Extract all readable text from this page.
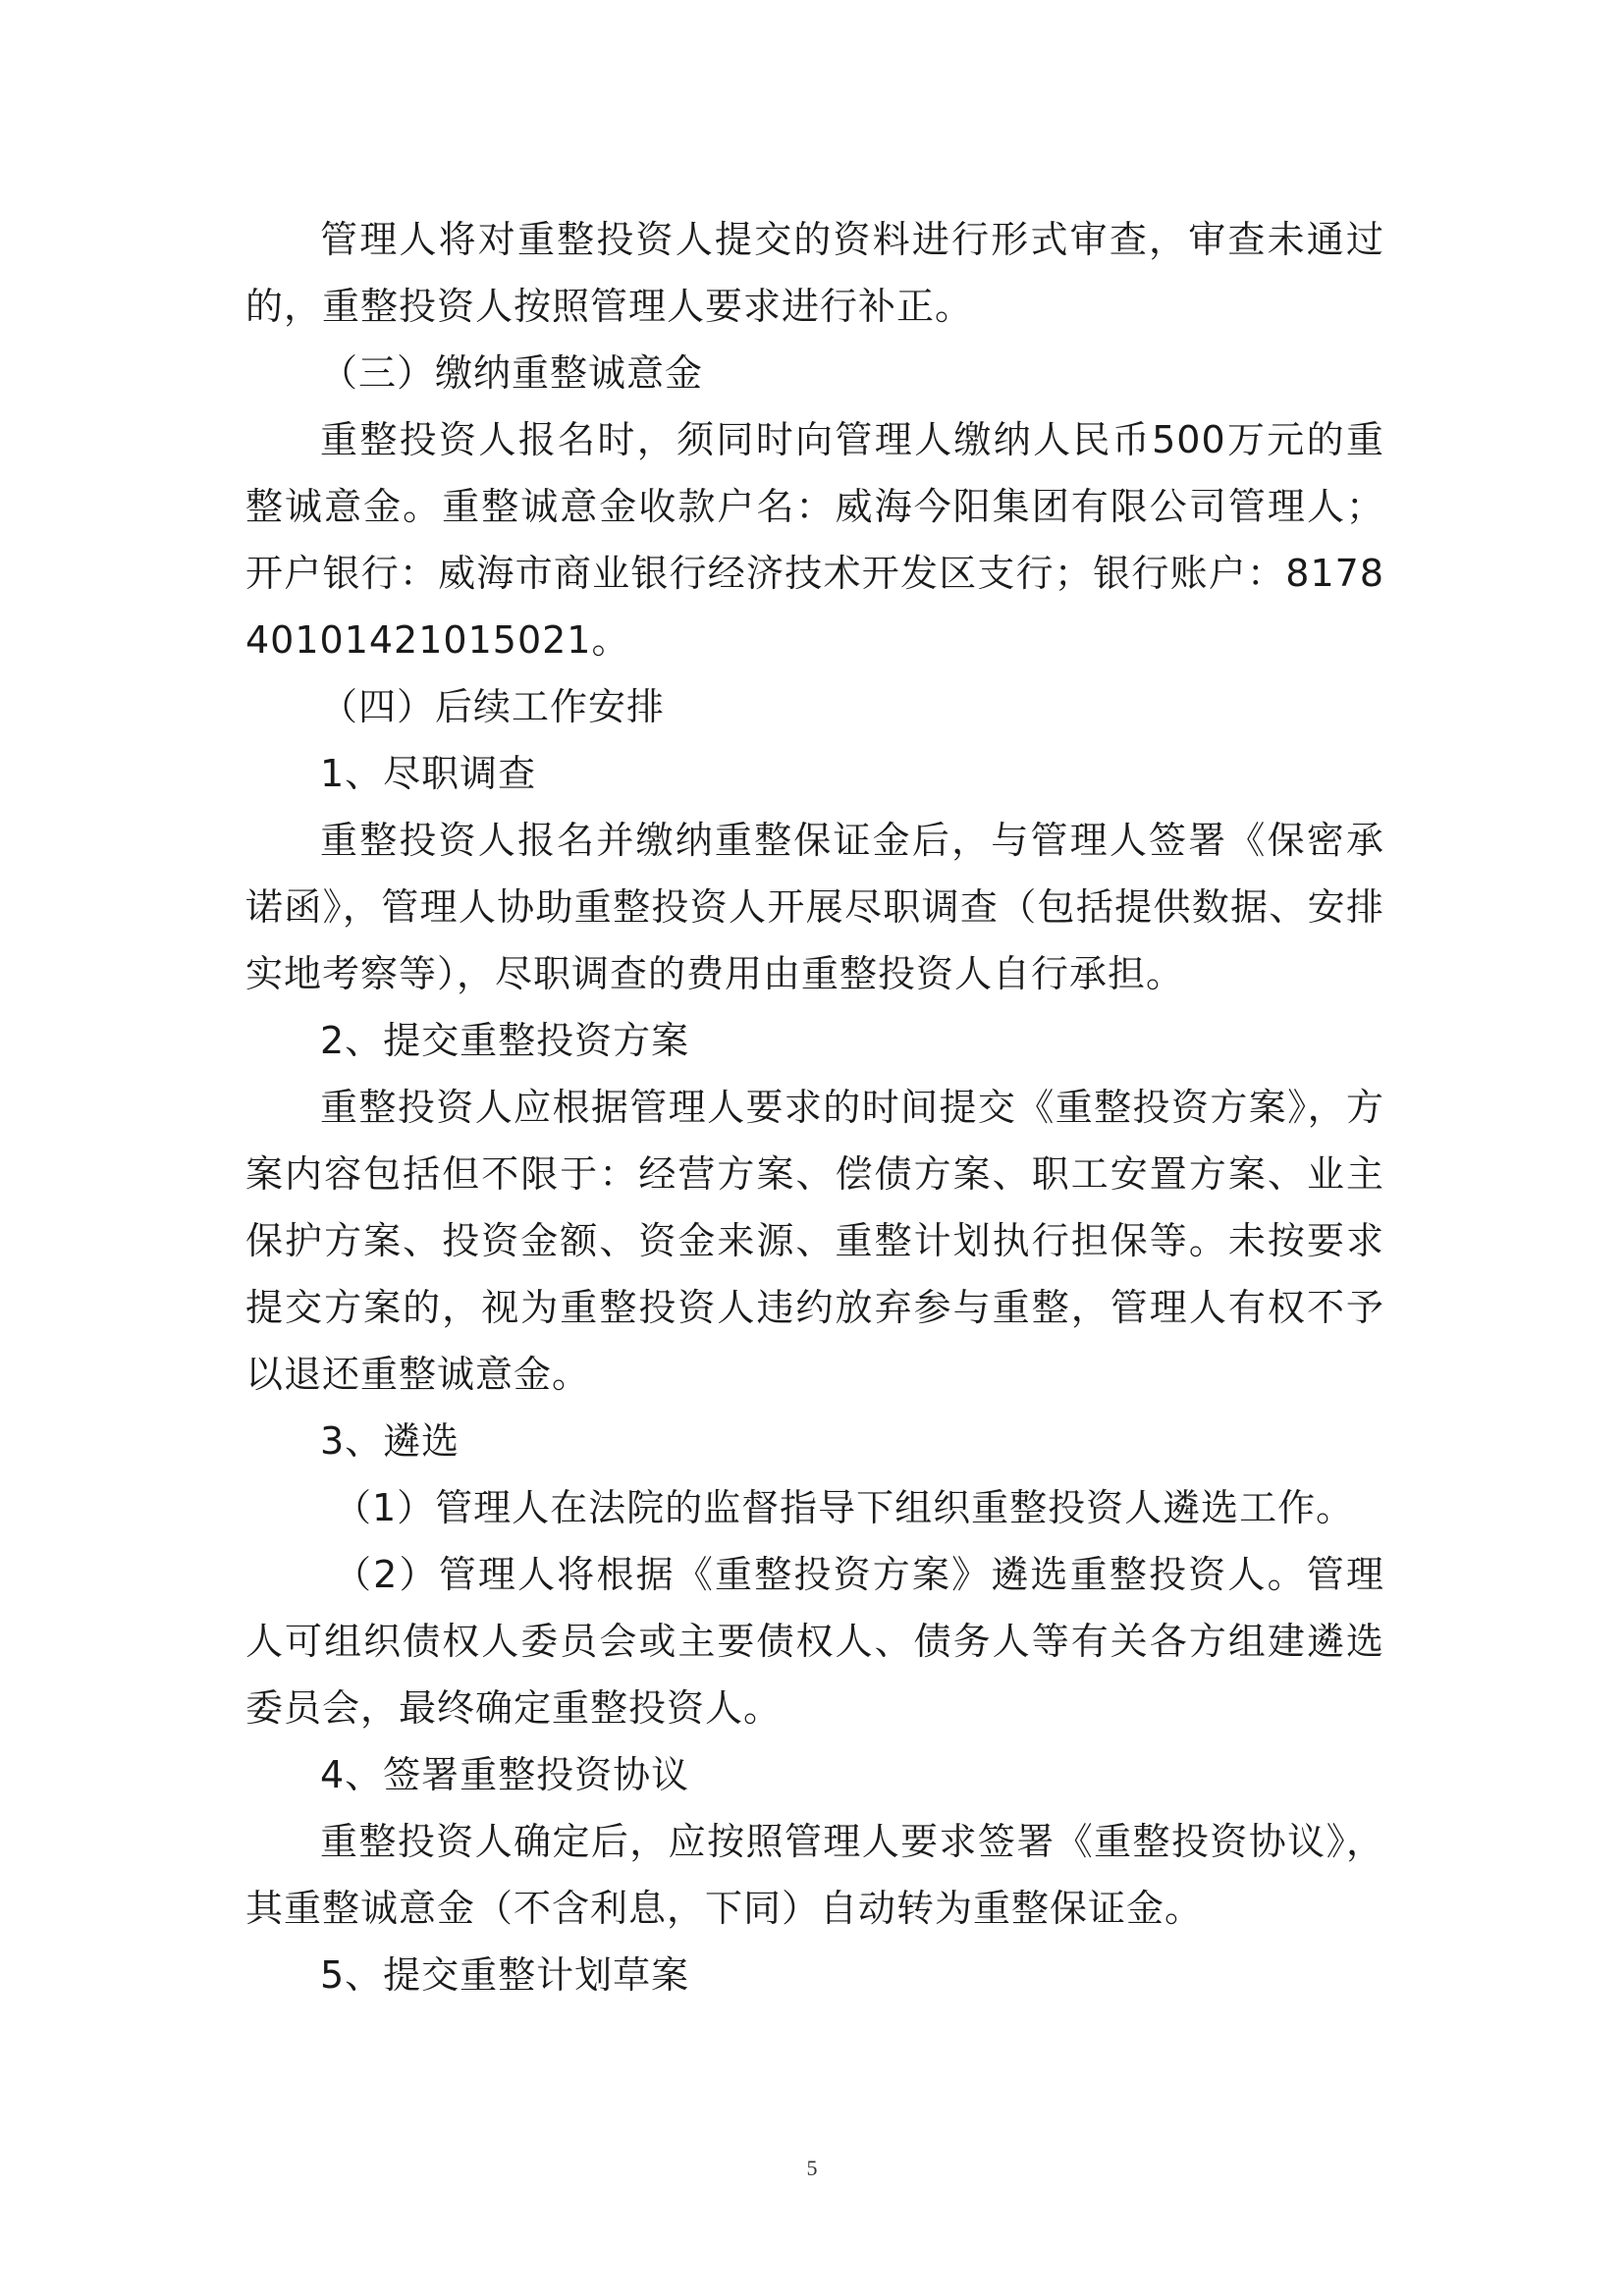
管理人将对重整投资人提交的资料进行形式审查，审查未通过的，重整投资人按照管理人要求进行补正。

（三）缴纳重整诚意金

重整投资人报名时，须同时向管理人缴纳人民币500万元的重整诚意金。重整诚意金收款户名：威海今阳集团有限公司管理人；开户银行：威海市商业银行经济技术开发区支行；银行账户：817840101421015021。

（四）后续工作安排

1、尽职调查

重整投资人报名并缴纳重整保证金后，与管理人签署《保密承诺函》，管理人协助重整投资人开展尽职调查（包括提供数据、安排实地考察等），尽职调查的费用由重整投资人自行承担。

2、提交重整投资方案

重整投资人应根据管理人要求的时间提交《重整投资方案》，方案内容包括但不限于：经营方案、偿债方案、职工安置方案、业主保护方案、投资金额、资金来源、重整计划执行担保等。未按要求提交方案的，视为重整投资人违约放弃参与重整，管理人有权不予以退还重整诚意金。

3、遴选

（1）管理人在法院的监督指导下组织重整投资人遴选工作。

（2）管理人将根据《重整投资方案》遴选重整投资人。管理人可组织债权人委员会或主要债权人、债务人等有关各方组建遴选委员会，最终确定重整投资人。

4、签署重整投资协议

重整投资人确定后，应按照管理人要求签署《重整投资协议》，其重整诚意金（不含利息，下同）自动转为重整保证金。

5、提交重整计划草案

5
